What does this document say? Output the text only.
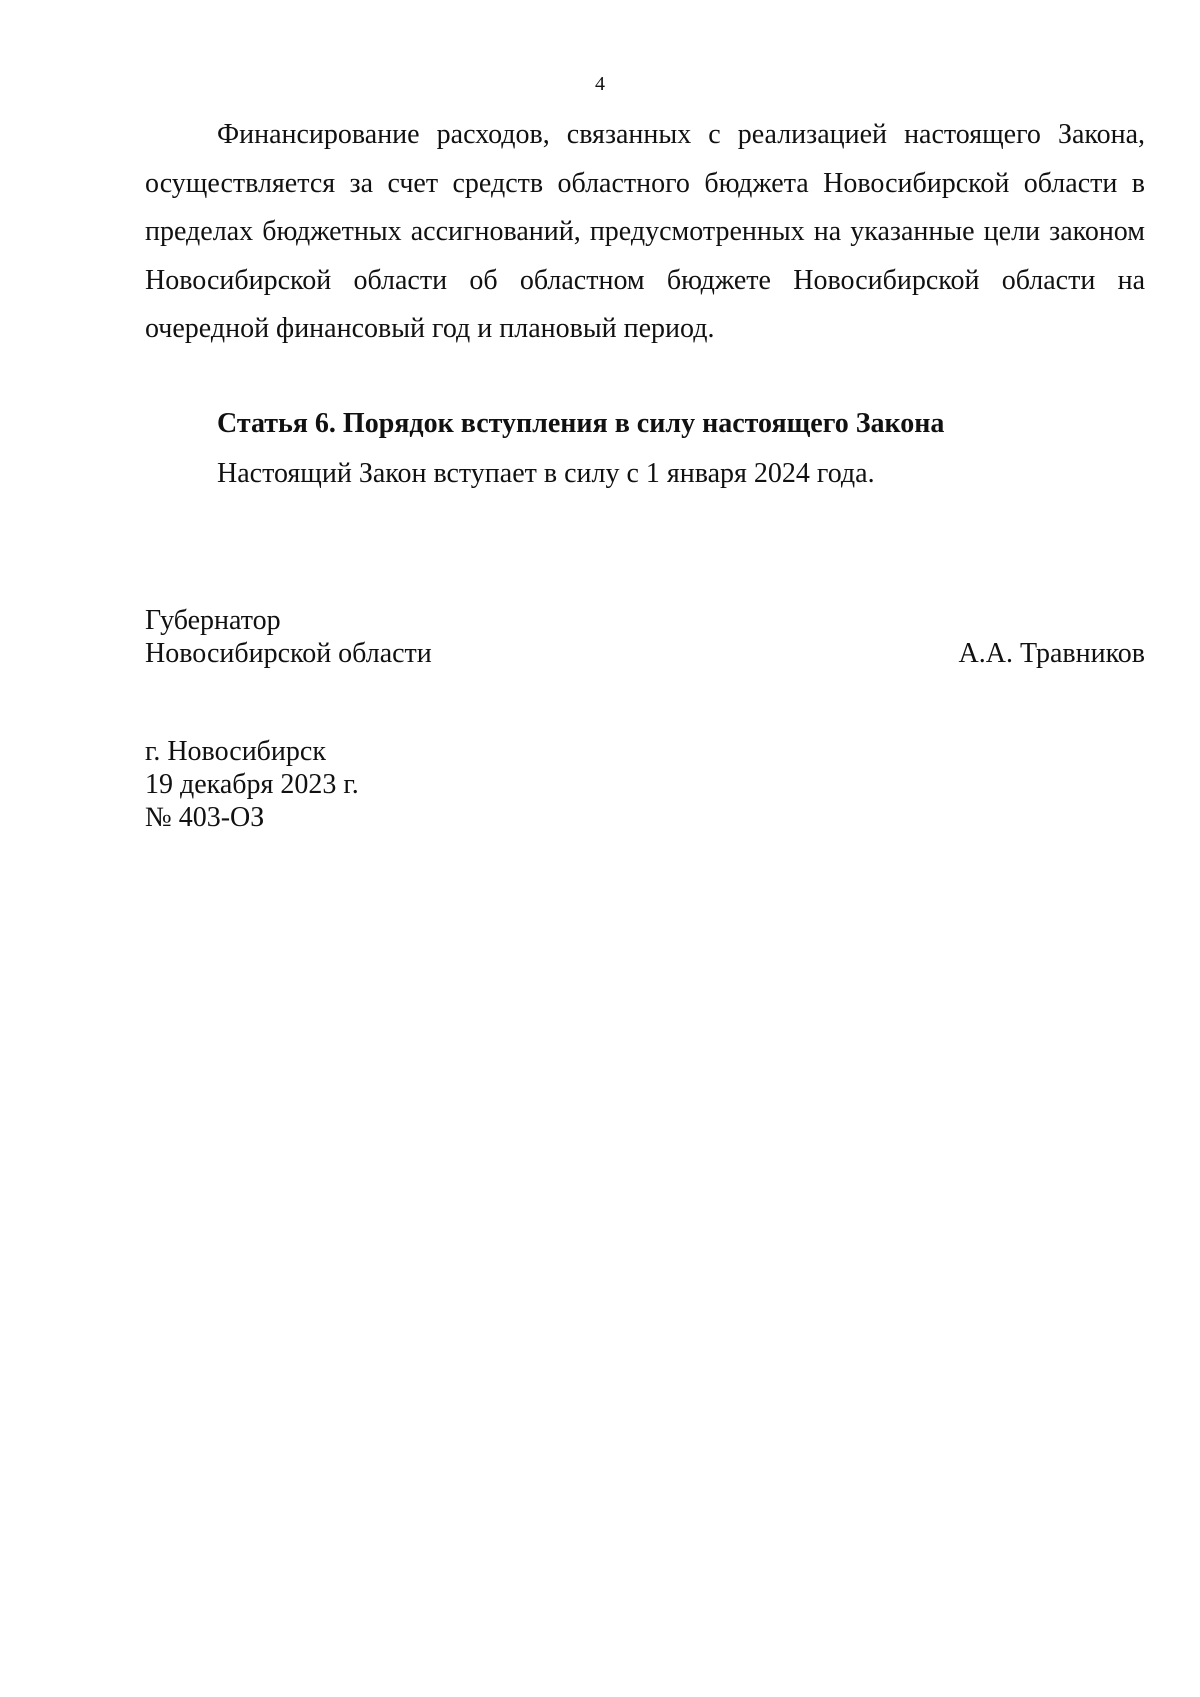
4

Финансирование расходов, связанных с реализацией настоящего Закона, осуществляется за счет средств областного бюджета Новосибирской области в пределах бюджетных ассигнований, предусмотренных на указанные цели законом Новосибирской области об областном бюджете Новосибирской области на очередной финансовый год и плановый период.

Статья 6. Порядок вступления в силу настоящего Закона

Настоящий Закон вступает в силу с 1 января 2024 года.

Губернатор
Новосибирской области	А.А. Травников
г. Новосибирск
19 декабря 2023 г.
№ 403-ОЗ
